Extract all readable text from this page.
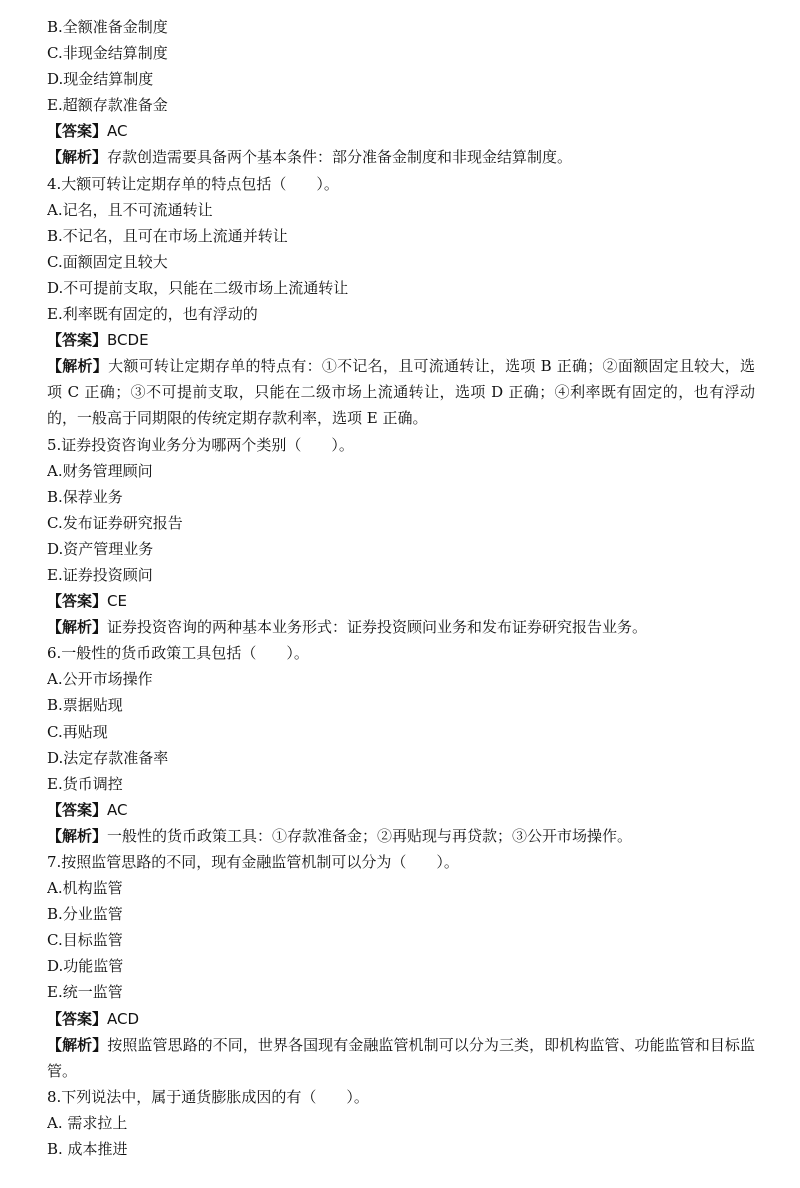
B.全额准备金制度
C.非现金结算制度
D.现金结算制度
E.超额存款准备金
【答案】AC
【解析】存款创造需要具备两个基本条件：部分准备金制度和非现金结算制度。
4.大额可转让定期存单的特点包括（　　）。
A.记名，且不可流通转让
B.不记名，且可在市场上流通并转让
C.面额固定且较大
D.不可提前支取，只能在二级市场上流通转让
E.利率既有固定的，也有浮动的
【答案】BCDE
【解析】大额可转让定期存单的特点有：①不记名，且可流通转让，选项 B 正确；②面额固定且较大，选项 C 正确；③不可提前支取，只能在二级市场上流通转让，选项 D 正确；④利率既有固定的，也有浮动的，一般高于同期限的传统定期存款利率，选项 E 正确。
5.证券投资咨询业务分为哪两个类别（　　）。
A.财务管理顾问
B.保荐业务
C.发布证券研究报告
D.资产管理业务
E.证券投资顾问
【答案】CE
【解析】证券投资咨询的两种基本业务形式：证券投资顾问业务和发布证券研究报告业务。
6.一般性的货币政策工具包括（　　）。
A.公开市场操作
B.票据贴现
C.再贴现
D.法定存款准备率
E.货币调控
【答案】AC
【解析】一般性的货币政策工具：①存款准备金；②再贴现与再贷款；③公开市场操作。
7.按照监管思路的不同，现有金融监管机制可以分为（　　）。
A.机构监管
B.分业监管
C.目标监管
D.功能监管
E.统一监管
【答案】ACD
【解析】按照监管思路的不同，世界各国现有金融监管机制可以分为三类，即机构监管、功能监管和目标监管。
8.下列说法中，属于通货膨胀成因的有（　　）。
A. 需求拉上
B. 成本推进
